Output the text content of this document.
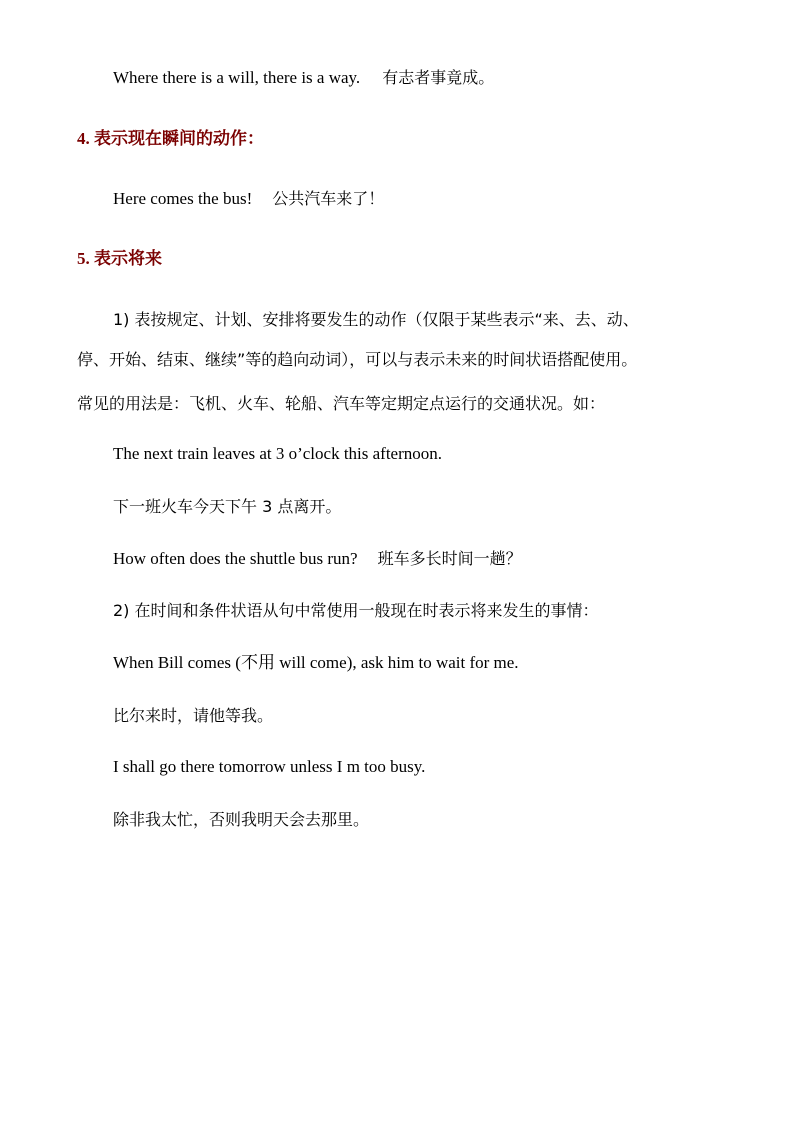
Where there is a will, there is a way. 有志者事竟成。
4. 表示现在瞬间的动作：
Here comes the bus! 公共汽车来了！
5. 表示将来
1) 表按规定、计划、安排将要发生的动作（仅限于某些表示“来、去、动、
停、开始、结束、继续”等的趋向动词），可以与表示未来的时间状语搭配使用。
常见的用法是：飞机、火车、轮船、汽车等定期定点运行的交通状况。如：
The next train leaves at 3 o’clock this afternoon.
下一班火车今天下午 3 点离开。
How often does the shuttle bus run? 班车多长时间一趟？
2) 在时间和条件状语从句中常使用一般现在时表示将来发生的事情：
When Bill comes (不用 will come), ask him to wait for me.
比尔来时，请他等我。
I shall go there tomorrow unless I m too busy.
除非我太忙，否则我明天会去那里。
